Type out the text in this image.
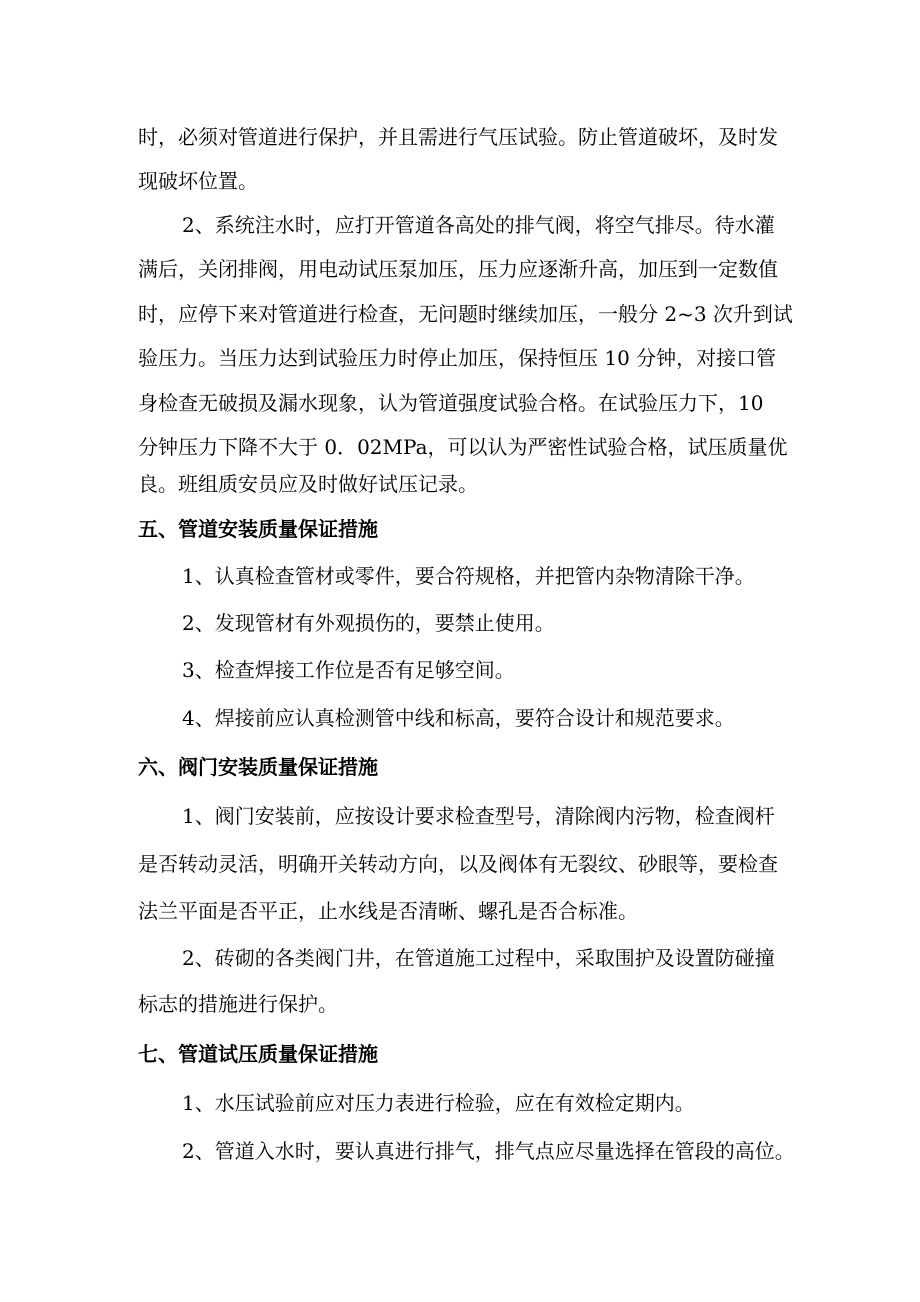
时，必须对管道进行保护，并且需进行气压试验。防止管道破坏，及时发
现破坏位置。
2、系统注水时，应打开管道各高处的排气阀，将空气排尽。待水灌
满后，关闭排阀，用电动试压泵加压，压力应逐渐升高，加压到一定数值
时，应停下来对管道进行检查，无问题时继续加压，一般分 2~3 次升到试
验压力。当压力达到试验压力时停止加压，保持恒压 10 分钟，对接口管
身检查无破损及漏水现象，认为管道强度试验合格。在试验压力下，10
分钟压力下降不大于 0．02MPa，可以认为严密性试验合格，试压质量优
良。班组质安员应及时做好试压记录。
五、管道安装质量保证措施
1、认真检查管材或零件，要合符规格，并把管内杂物清除干净。
2、发现管材有外观损伤的，要禁止使用。
3、检查焊接工作位是否有足够空间。
4、焊接前应认真检测管中线和标高，要符合设计和规范要求。
六、阀门安装质量保证措施
1、阀门安装前，应按设计要求检查型号，清除阀内污物，检查阀杆
是否转动灵活，明确开关转动方向，以及阀体有无裂纹、砂眼等，要检查
法兰平面是否平正，止水线是否清晰、螺孔是否合标准。
2、砖砌的各类阀门井，在管道施工过程中，采取围护及设置防碰撞
标志的措施进行保护。
七、管道试压质量保证措施
1、水压试验前应对压力表进行检验，应在有效检定期内。
2、管道入水时，要认真进行排气，排气点应尽量选择在管段的高位。
